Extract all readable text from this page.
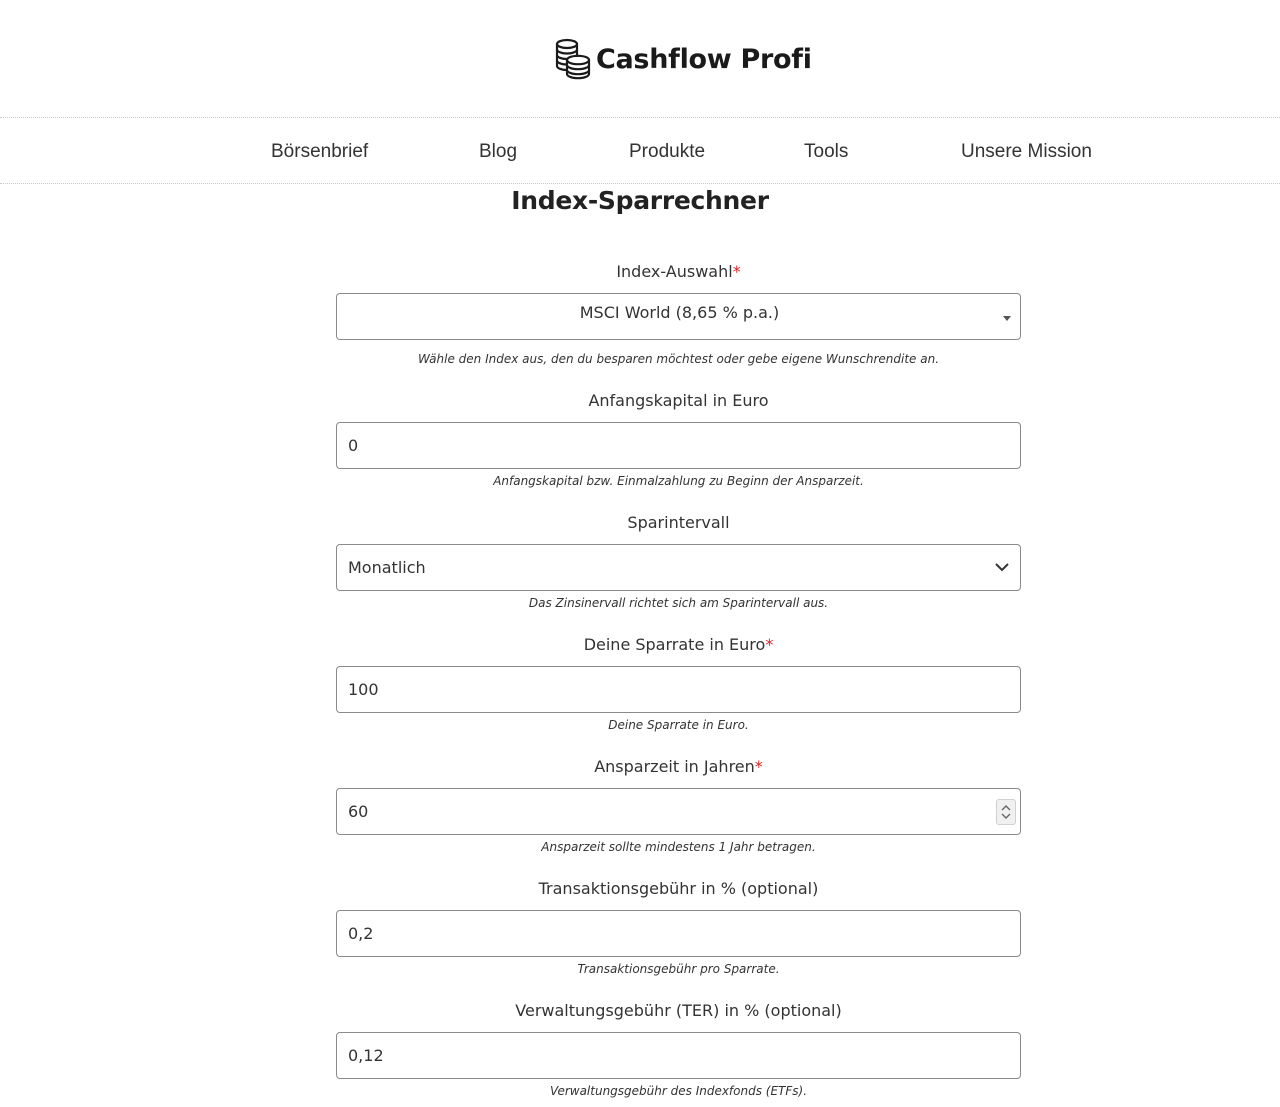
Cashflow Profi
Börsenbrief	Blog	Produkte	Tools	Unsere Mission
Index-Sparrechner
Index-Auswahl*
MSCI World (8,65 % p.a.)
Wähle den Index aus, den du besparen möchtest oder gebe eigene Wunschrendite an.
Anfangskapital in Euro
0
Anfangskapital bzw. Einmalzahlung zu Beginn der Ansparzeit.
Sparintervall
Monatlich
Das Zinsinervall richtet sich am Sparintervall aus.
Deine Sparrate in Euro*
100
Deine Sparrate in Euro.
Ansparzeit in Jahren*
60
Ansparzeit sollte mindestens 1 Jahr betragen.
Transaktionsgebühr in % (optional)
0,2
Transaktionsgebühr pro Sparrate.
Verwaltungsgebühr (TER) in % (optional)
0,12
Verwaltungsgebühr des Indexfonds (ETFs).
